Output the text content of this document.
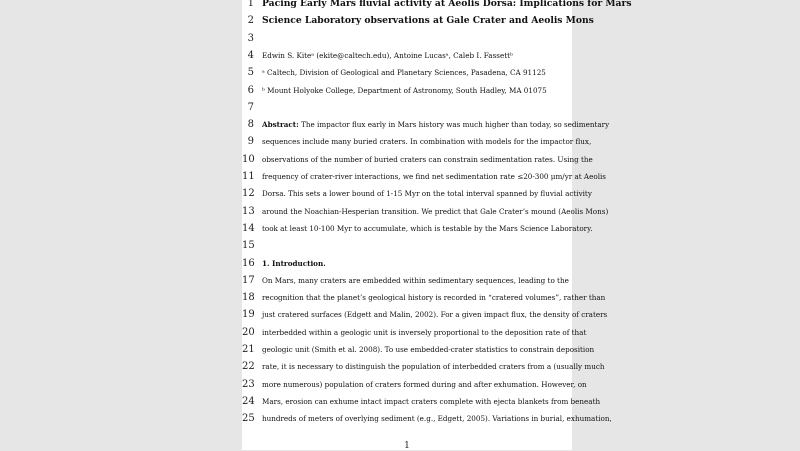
1 Pacing Early Mars fluvial activity at Aeolis Dorsa: Implications for Mars
2 Science Laboratory observations at Gale Crater and Aeolis Mons
3
4 Edwin S. Kiteᵃ (ekite@caltech.edu), Antoine Lucasᵃ, Caleb I. Fassettᵇ
5 ᵃ Caltech, Division of Geological and Planetary Sciences, Pasadena, CA 91125
6 ᵇ Mount Holyoke College, Department of Astronomy, South Hadley, MA 01075
7
8 Abstract: The impactor flux early in Mars history was much higher than today, so sedimentary
9 sequences include many buried craters. In combination with models for the impactor flux,
10 observations of the number of buried craters can constrain sedimentation rates. Using the
11 frequency of crater-river interactions, we find net sedimentation rate ≤20-300 μm/yr at Aeolis
12 Dorsa. This sets a lower bound of 1-15 Myr on the total interval spanned by fluvial activity
13 around the Noachian-Hesperian transition. We predict that Gale Crater’s mound (Aeolis Mons)
14 took at least 10-100 Myr to accumulate, which is testable by the Mars Science Laboratory.
15
16 1. Introduction.
17 On Mars, many craters are embedded within sedimentary sequences, leading to the
18 recognition that the planet’s geological history is recorded in “cratered volumes”, rather than
19 just cratered surfaces (Edgett and Malin, 2002). For a given impact flux, the density of craters
20 interbedded within a geologic unit is inversely proportional to the deposition rate of that
21 geologic unit (Smith et al. 2008). To use embedded-crater statistics to constrain deposition
22 rate, it is necessary to distinguish the population of interbedded craters from a (usually much
23 more numerous) population of craters formed during and after exhumation. However, on
24 Mars, erosion can exhume intact impact craters complete with ejecta blankets from beneath
25 hundreds of meters of overlying sediment (e.g., Edgett, 2005). Variations in burial, exhumation,
1
